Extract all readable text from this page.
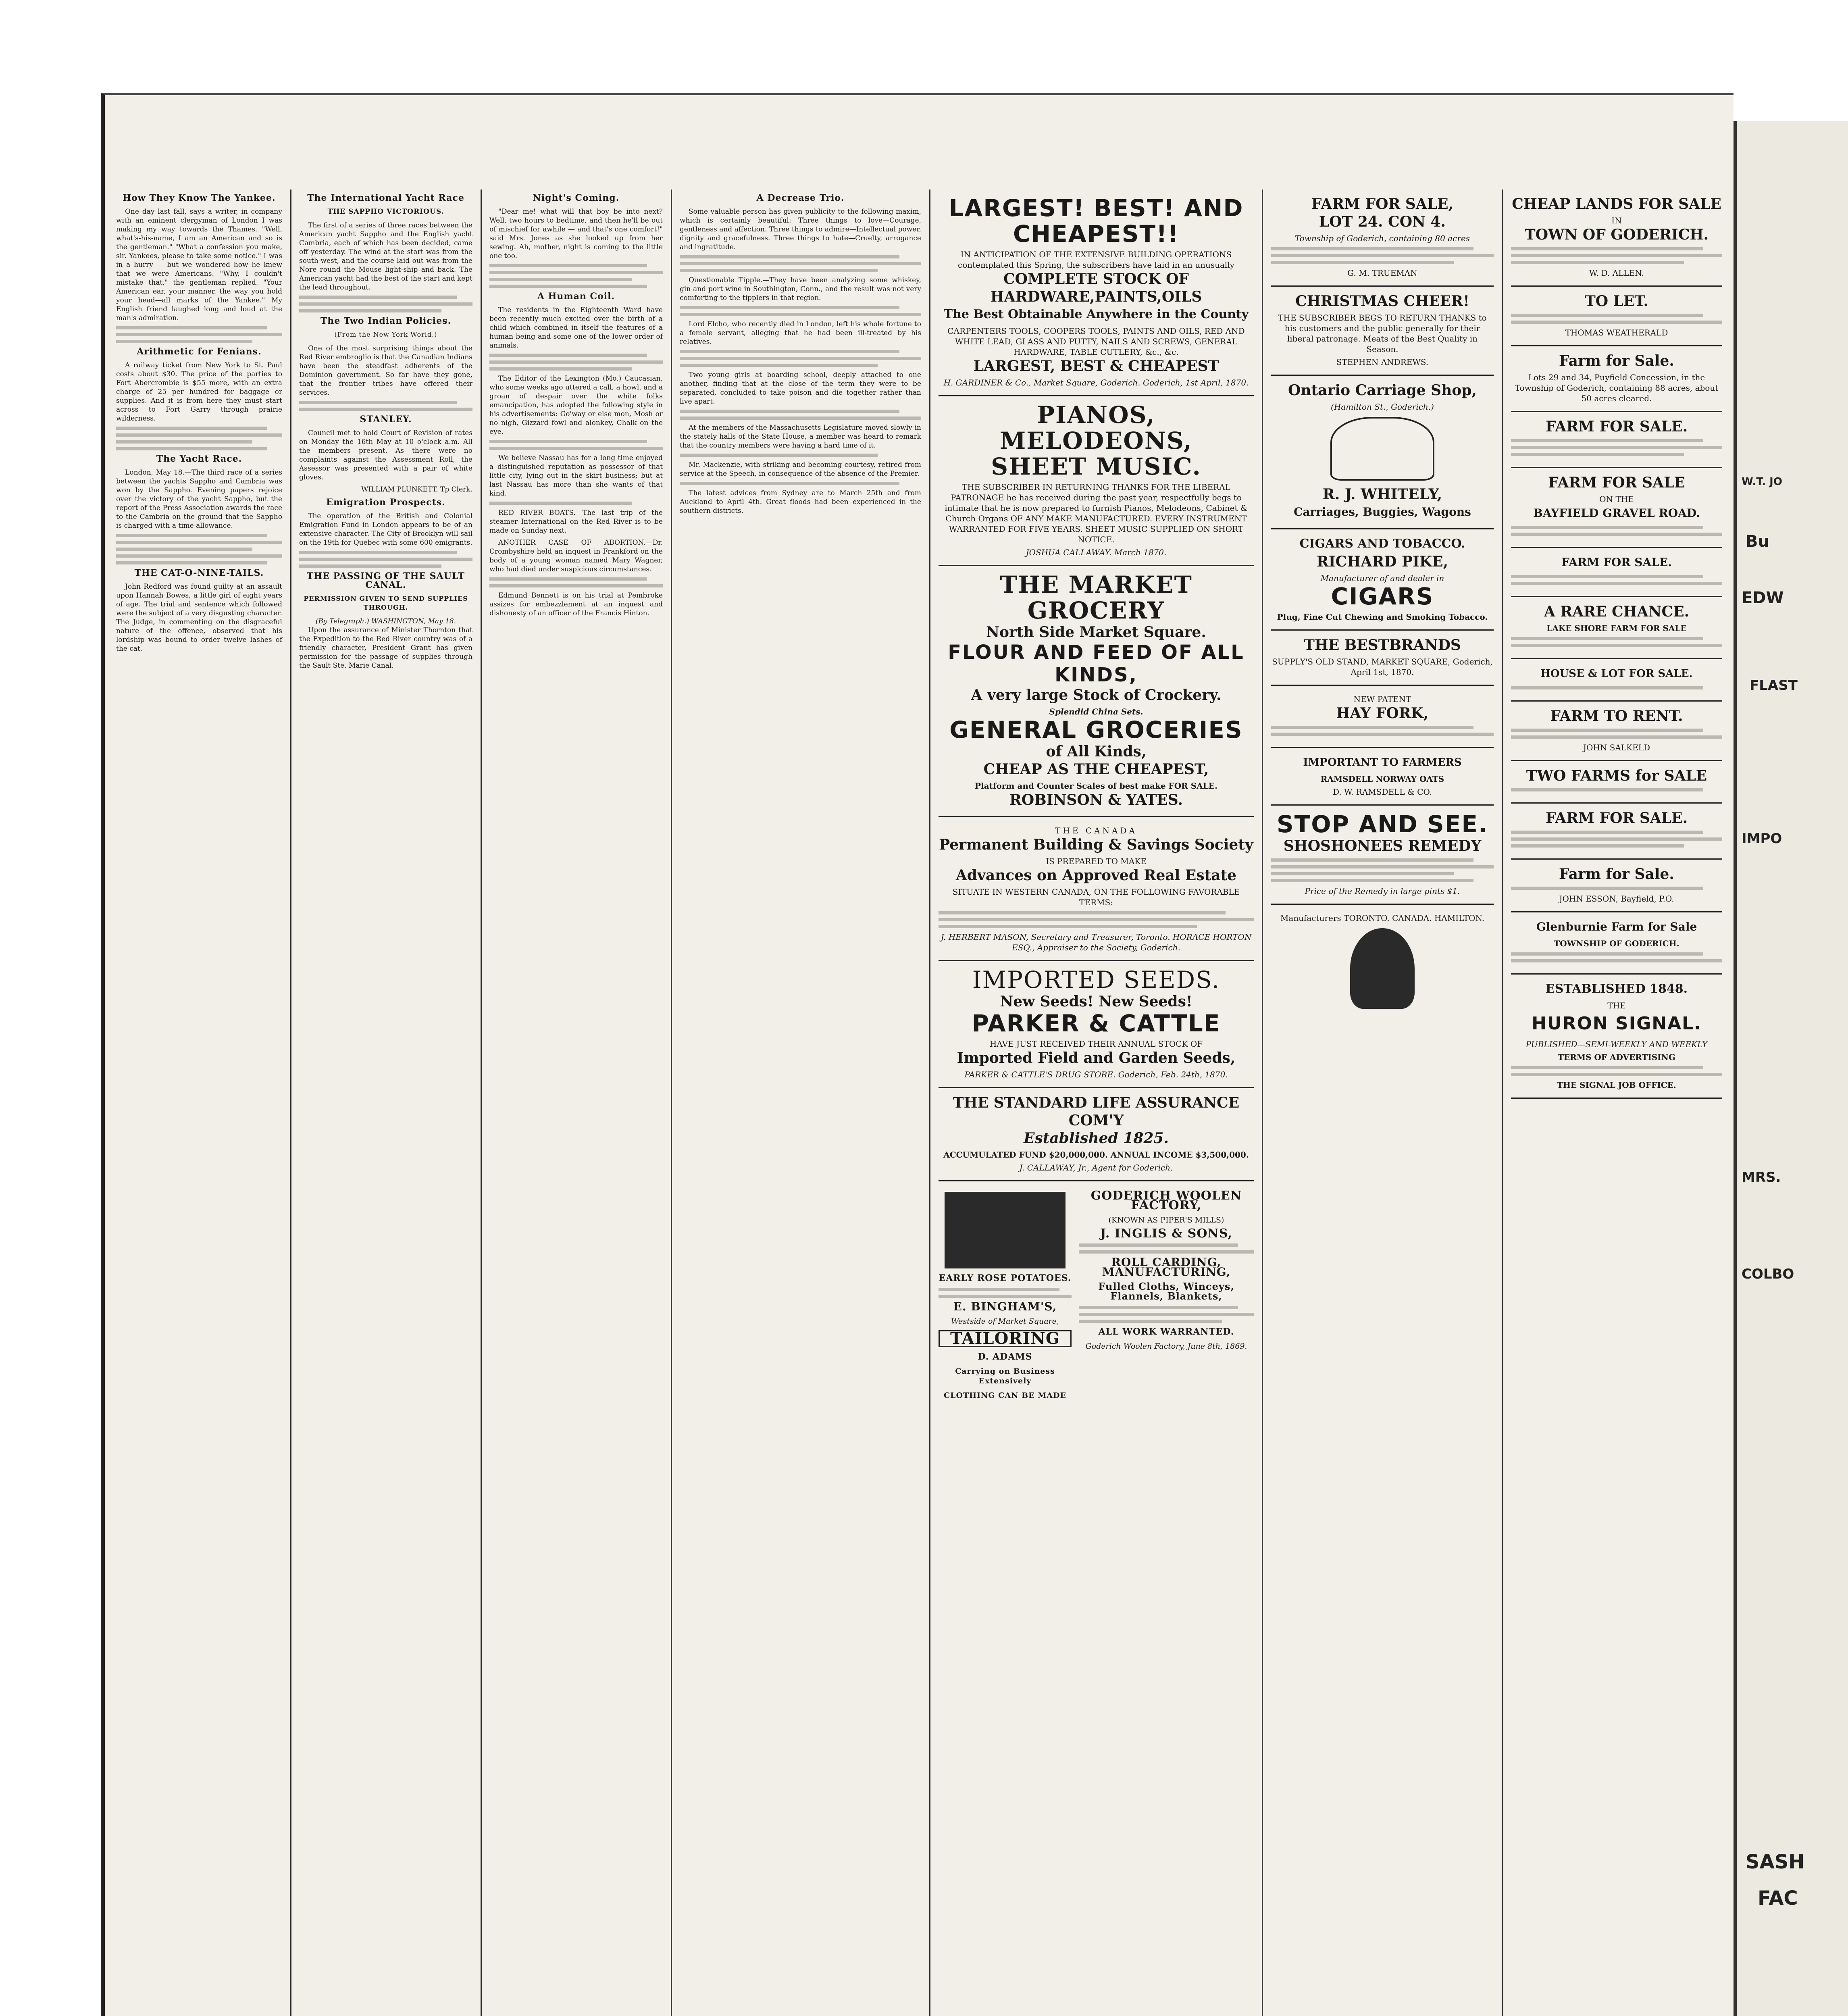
How They Know The Yankee.

One day last fall, says a writer, in company with an eminent clergyman of London I was making my way towards the Thames. "Well, what's-his-name, I am an American and so is the gentleman." "What a confession you make, sir. Yankees, please to take some notice." I was in a hurry — but we wondered how he knew that we were Americans. "Why, I couldn't mistake that," the gentleman replied. "Your American ear, your manner, the way you hold your head—all marks of the Yankee." My English friend laughed long and loud at the man's admiration.

Arithmetic for Fenians.

A railway ticket from New York to St. Paul costs about $30. The price of the parties to Fort Abercrombie is $55 more, with an extra charge of 25 per hundred for baggage or supplies. And it is from here they must start across to Fort Garry through prairie wilderness.

The Yacht Race.

London, May 18.—The third race of a series between the yachts Sappho and Cambria was won by the Sappho. Evening papers rejoice over the victory of the yacht Sappho, but the report of the Press Association awards the race to the Cambria on the ground that the Sappho is charged with a time allowance.

THE CAT-O-NINE-TAILS.

John Redford was found guilty at an assault upon Hannah Bowes, a little girl of eight years of age. The trial and sentence which followed were the subject of a very disgusting character. The Judge, in commenting on the disgraceful nature of the offence, observed that his lordship was bound to order twelve lashes of the cat.

The International Yacht Race
THE SAPPHO VICTORIOUS.

The first of a series of three races between the American yacht Sappho and the English yacht Cambria, each of which has been decided, came off yesterday. The wind at the start was from the south-west, and the course laid out was from the Nore round the Mouse light-ship and back. The American yacht had the best of the start and kept the lead throughout.

The Two Indian Policies.
(From the New York World.)

One of the most surprising things about the Red River embroglio is that the Canadian Indians have been the steadfast adherents of the Dominion government. So far have they gone, that the frontier tribes have offered their services.

STANLEY.

Council met to hold Court of Revision of rates on Monday the 16th May at 10 o'clock a.m. All the members present. As there were no complaints against the Assessment Roll, the Assessor was presented with a pair of white gloves.

WILLIAM PLUNKETT, Tp Clerk.
Emigration Prospects.

The operation of the British and Colonial Emigration Fund in London appears to be of an extensive character. The City of Brooklyn will sail on the 19th for Quebec with some 600 emigrants.

THE PASSING OF THE SAULT CANAL.
PERMISSION GIVEN TO SEND SUPPLIES THROUGH.
(By Telegraph.) WASHINGTON, May 18.

Upon the assurance of Minister Thornton that the Expedition to the Red River country was of a friendly character, President Grant has given permission for the passage of supplies through the Sault Ste. Marie Canal.

Night's Coming.

"Dear me! what will that boy be into next? Well, two hours to bedtime, and then he'll be out of mischief for awhile — and that's one comfort!" said Mrs. Jones as she looked up from her sewing. Ah, mother, night is coming to the little one too.

A Human Coil.

The residents in the Eighteenth Ward have been recently much excited over the birth of a child which combined in itself the features of a human being and some one of the lower order of animals.

The Editor of the Lexington (Mo.) Caucasian, who some weeks ago uttered a call, a howl, and a groan of despair over the white folks emancipation, has adopted the following style in his advertisements: Go'way or else mon, Mosh or no nigh, Gizzard fowl and alonkey, Chalk on the eye.

We believe Nassau has for a long time enjoyed a distinguished reputation as possessor of that little city, lying out in the skirt business; but at last Nassau has more than she wants of that kind.

RED RIVER BOATS.—The last trip of the steamer International on the Red River is to be made on Sunday next.

ANOTHER CASE OF ABORTION.—Dr. Crombyshire held an inquest in Frankford on the body of a young woman named Mary Wagner, who had died under suspicious circumstances.

Edmund Bennett is on his trial at Pembroke assizes for embezzlement at an inquest and dishonesty of an officer of the Francis Hinton.

A Decrease Trio.

Some valuable person has given publicity to the following maxim, which is certainly beautiful: Three things to love—Courage, gentleness and affection. Three things to admire—Intellectual power, dignity and gracefulness. Three things to hate—Cruelty, arrogance and ingratitude.

Questionable Tipple.—They have been analyzing some whiskey, gin and port wine in Southington, Conn., and the result was not very comforting to the tipplers in that region.

Lord Elcho, who recently died in London, left his whole fortune to a female servant, alleging that he had been ill-treated by his relatives.

Two young girls at boarding school, deeply attached to one another, finding that at the close of the term they were to be separated, concluded to take poison and die together rather than live apart.

At the members of the Massachusetts Legislature moved slowly in the stately halls of the State House, a member was heard to remark that the country members were having a hard time of it.

Mr. Mackenzie, with striking and becoming courtesy, retired from service at the Speech, in consequence of the absence of the Premier.

The latest advices from Sydney are to March 25th and from Auckland to April 4th. Great floods had been experienced in the southern districts.

LARGEST! BEST! AND CHEAPEST!!
IN ANTICIPATION OF THE EXTENSIVE BUILDING OPERATIONS contemplated this Spring, the subscribers have laid in an unusually
COMPLETE STOCK OF HARDWARE,PAINTS,OILS
The Best Obtainable Anywhere in the County
CARPENTERS TOOLS, COOPERS TOOLS, PAINTS AND OILS, RED AND WHITE LEAD, GLASS AND PUTTY, NAILS AND SCREWS, GENERAL HARDWARE, TABLE CUTLERY, &c., &c.
LARGEST, BEST & CHEAPEST
H. GARDINER & Co., Market Square, Goderich. Goderich, 1st April, 1870.
PIANOS, MELODEONS,
SHEET MUSIC.
THE SUBSCRIBER IN RETURNING THANKS FOR THE LIBERAL PATRONAGE he has received during the past year, respectfully begs to intimate that he is now prepared to furnish Pianos, Melodeons, Cabinet & Church Organs OF ANY MAKE MANUFACTURED. EVERY INSTRUMENT WARRANTED FOR FIVE YEARS. SHEET MUSIC SUPPLIED ON SHORT NOTICE.
JOSHUA CALLAWAY. March 1870.
THE MARKET GROCERY
North Side Market Square.
FLOUR AND FEED OF ALL KINDS,
A very large Stock of Crockery.
Splendid China Sets.
GENERAL GROCERIES
of All Kinds,
CHEAP AS THE CHEAPEST,
Platform and Counter Scales of best make FOR SALE.
ROBINSON & YATES.
THE CANADA
Permanent Building & Savings Society
IS PREPARED TO MAKE
Advances on Approved Real Estate
SITUATE IN WESTERN CANADA, ON THE FOLLOWING FAVORABLE TERMS:
J. HERBERT MASON, Secretary and Treasurer, Toronto. HORACE HORTON ESQ., Appraiser to the Society, Goderich.
IMPORTED SEEDS.
New Seeds! New Seeds!
PARKER & CATTLE
HAVE JUST RECEIVED THEIR ANNUAL STOCK OF
Imported Field and Garden Seeds,
PARKER & CATTLE'S DRUG STORE. Goderich, Feb. 24th, 1870.
THE STANDARD LIFE ASSURANCE COM'Y
Established 1825.
ACCUMULATED FUND $20,000,000. ANNUAL INCOME $3,500,000.
J. CALLAWAY, Jr., Agent for Goderich.
EARLY ROSE POTATOES.
E. BINGHAM'S,
Westside of Market Square,
TAILORING
D. ADAMS
Carrying on Business Extensively
CLOTHING CAN BE MADE
GODERICH WOOLEN FACTORY,
(KNOWN AS PIPER'S MILLS)
J. INGLIS & SONS,
ROLL CARDING, MANUFACTURING,
Fulled Cloths, Winceys, Flannels, Blankets,
ALL WORK WARRANTED.
Goderich Woolen Factory, June 8th, 1869.
FARM FOR SALE,
LOT 24. CON 4.
Township of Goderich, containing 80 acres
G. M. TRUEMAN
CHRISTMAS CHEER!
THE SUBSCRIBER BEGS TO RETURN THANKS to his customers and the public generally for their liberal patronage. Meats of the Best Quality in Season.
STEPHEN ANDREWS.
Ontario Carriage Shop,
(Hamilton St., Goderich.)
R. J. WHITELY,
Carriages, Buggies, Wagons
CIGARS AND TOBACCO.
RICHARD PIKE,
Manufacturer of and dealer in
CIGARS
Plug, Fine Cut Chewing and Smoking Tobacco.
THE BESTBRANDS
SUPPLY'S OLD STAND, MARKET SQUARE, Goderich, April 1st, 1870.
NEW PATENT
HAY FORK,
IMPORTANT TO FARMERS
RAMSDELL NORWAY OATS
D. W. RAMSDELL & CO.
STOP AND SEE.
SHOSHONEES REMEDY
Price of the Remedy in large pints $1.
Manufacturers TORONTO. CANADA. HAMILTON.
CHEAP LANDS FOR SALE
IN
TOWN OF GODERICH.
W. D. ALLEN.
TO LET.
THOMAS WEATHERALD
Farm for Sale.
Lots 29 and 34, Puyfield Concession, in the Township of Goderich, containing 88 acres, about 50 acres cleared.
FARM FOR SALE.
FARM FOR SALE
ON THE
BAYFIELD GRAVEL ROAD.
FARM FOR SALE.
A RARE CHANCE.
LAKE SHORE FARM FOR SALE
HOUSE & LOT FOR SALE.
FARM TO RENT.
JOHN SALKELD
TWO FARMS for SALE
FARM FOR SALE.
Farm for Sale.
JOHN ESSON, Bayfield, P.O.
Glenburnie Farm for Sale
TOWNSHIP OF GODERICH.
ESTABLISHED 1848.
THE
HURON SIGNAL.
PUBLISHED—SEMI-WEEKLY AND WEEKLY
TERMS OF ADVERTISING
THE SIGNAL JOB OFFICE.
W.T. JO
Bu
EDW
FLAST
IMPO
MRS.
COLBO
SASH
FAC
